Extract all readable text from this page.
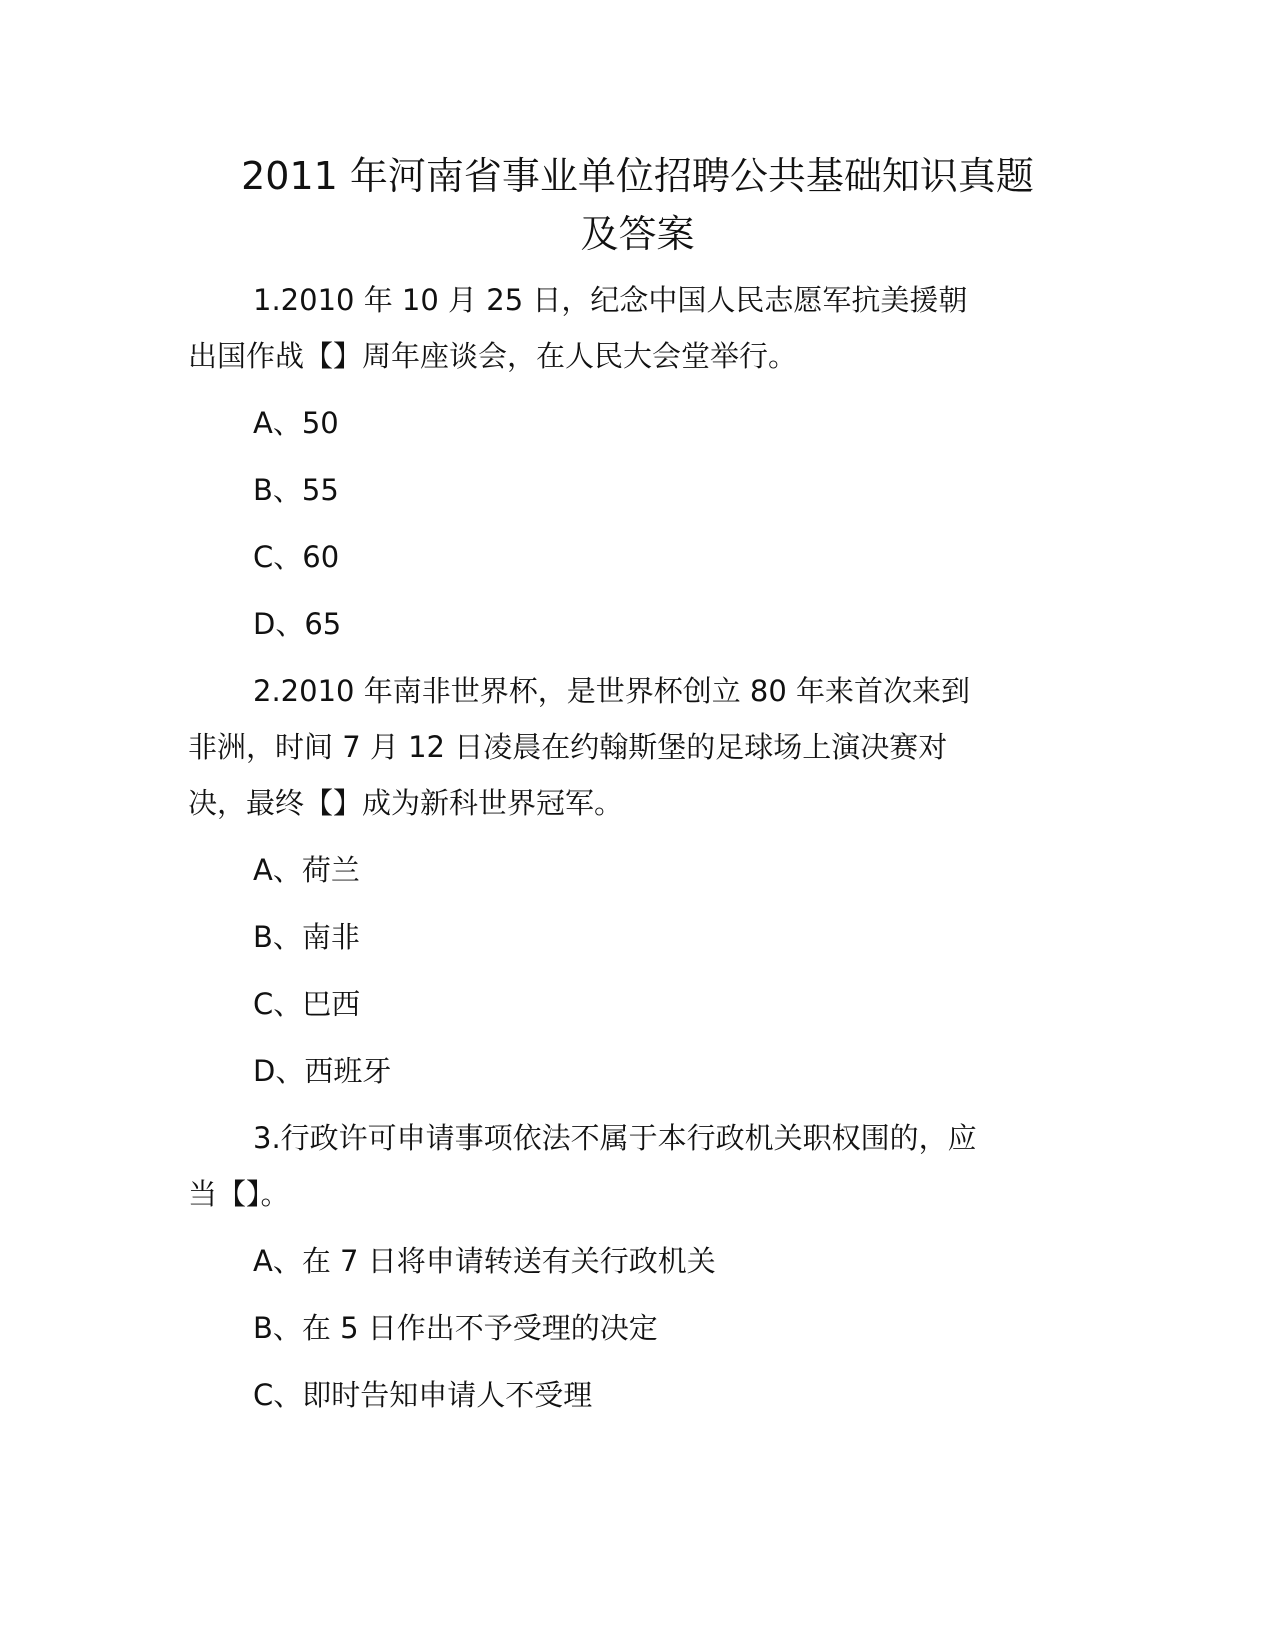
2011 年河南省事业单位招聘公共基础知识真题
及答案
1.2010 年 10 月 25 日，纪念中国人民志愿军抗美援朝
出国作战【】周年座谈会，在人民大会堂举行。
A、50
B、55
C、60
D、65
2.2010 年南非世界杯，是世界杯创立 80 年来首次来到
非洲，时间 7 月 12 日凌晨在约翰斯堡的足球场上演决赛对
决，最终【】成为新科世界冠军。
A、荷兰
B、南非
C、巴西
D、西班牙
3.行政许可申请事项依法不属于本行政机关职权围的，应
当【】。
A、在 7 日将申请转送有关行政机关
B、在 5 日作出不予受理的决定
C、即时告知申请人不受理
